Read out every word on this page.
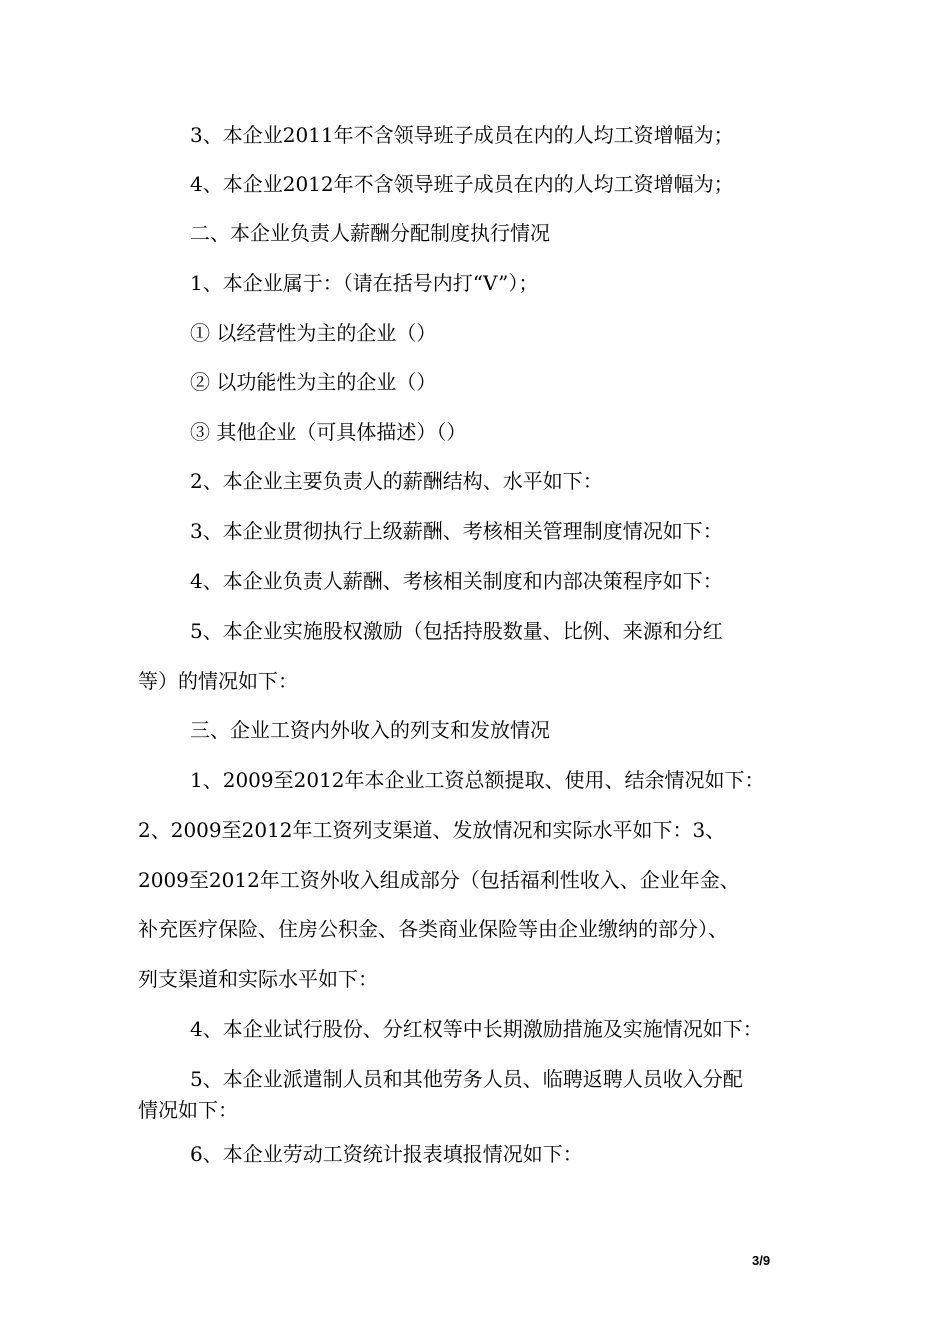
3、本企业2011年不含领导班子成员在内的人均工资增幅为；
4、本企业2012年不含领导班子成员在内的人均工资增幅为；
二、本企业负责人薪酬分配制度执行情况
1、本企业属于：（请在括号内打“V”）；
① 以经营性为主的企业（）
② 以功能性为主的企业（）
③ 其他企业（可具体描述）（）
2、本企业主要负责人的薪酬结构、水平如下：
3、本企业贯彻执行上级薪酬、考核相关管理制度情况如下：
4、本企业负责人薪酬、考核相关制度和内部决策程序如下：
5、本企业实施股权激励（包括持股数量、比例、来源和分红
等）的情况如下：
三、企业工资内外收入的列支和发放情况
1、2009至2012年本企业工资总额提取、使用、结余情况如下：
2、2009至2012年工资列支渠道、发放情况和实际水平如下：3、
2009至2012年工资外收入组成部分（包括福利性收入、企业年金、
补充医疗保险、住房公积金、各类商业保险等由企业缴纳的部分）、
列支渠道和实际水平如下：
4、本企业试行股份、分红权等中长期激励措施及实施情况如下：
5、本企业派遣制人员和其他劳务人员、临聘返聘人员收入分配
情况如下：
6、本企业劳动工资统计报表填报情况如下：
3/9
